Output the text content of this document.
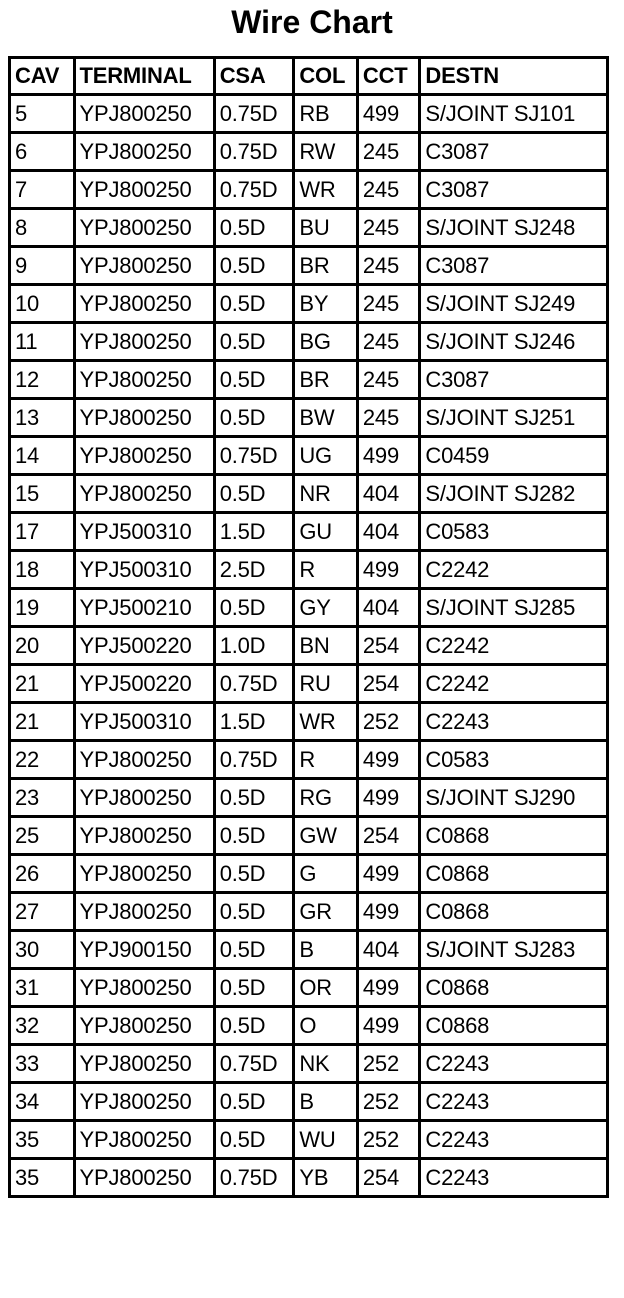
Wire Chart
CAV	TERMINAL	CSA	COL	CCT	DESTN
5	YPJ800250	0.75D	RB	499	S/JOINT SJ101
6	YPJ800250	0.75D	RW	245	C3087
7	YPJ800250	0.75D	WR	245	C3087
8	YPJ800250	0.5D	BU	245	S/JOINT SJ248
9	YPJ800250	0.5D	BR	245	C3087
10	YPJ800250	0.5D	BY	245	S/JOINT SJ249
11	YPJ800250	0.5D	BG	245	S/JOINT SJ246
12	YPJ800250	0.5D	BR	245	C3087
13	YPJ800250	0.5D	BW	245	S/JOINT SJ251
14	YPJ800250	0.75D	UG	499	C0459
15	YPJ800250	0.5D	NR	404	S/JOINT SJ282
17	YPJ500310	1.5D	GU	404	C0583
18	YPJ500310	2.5D	R	499	C2242
19	YPJ500210	0.5D	GY	404	S/JOINT SJ285
20	YPJ500220	1.0D	BN	254	C2242
21	YPJ500220	0.75D	RU	254	C2242
21	YPJ500310	1.5D	WR	252	C2243
22	YPJ800250	0.75D	R	499	C0583
23	YPJ800250	0.5D	RG	499	S/JOINT SJ290
25	YPJ800250	0.5D	GW	254	C0868
26	YPJ800250	0.5D	G	499	C0868
27	YPJ800250	0.5D	GR	499	C0868
30	YPJ900150	0.5D	B	404	S/JOINT SJ283
31	YPJ800250	0.5D	OR	499	C0868
32	YPJ800250	0.5D	O	499	C0868
33	YPJ800250	0.75D	NK	252	C2243
34	YPJ800250	0.5D	B	252	C2243
35	YPJ800250	0.5D	WU	252	C2243
35	YPJ800250	0.75D	YB	254	C2243
